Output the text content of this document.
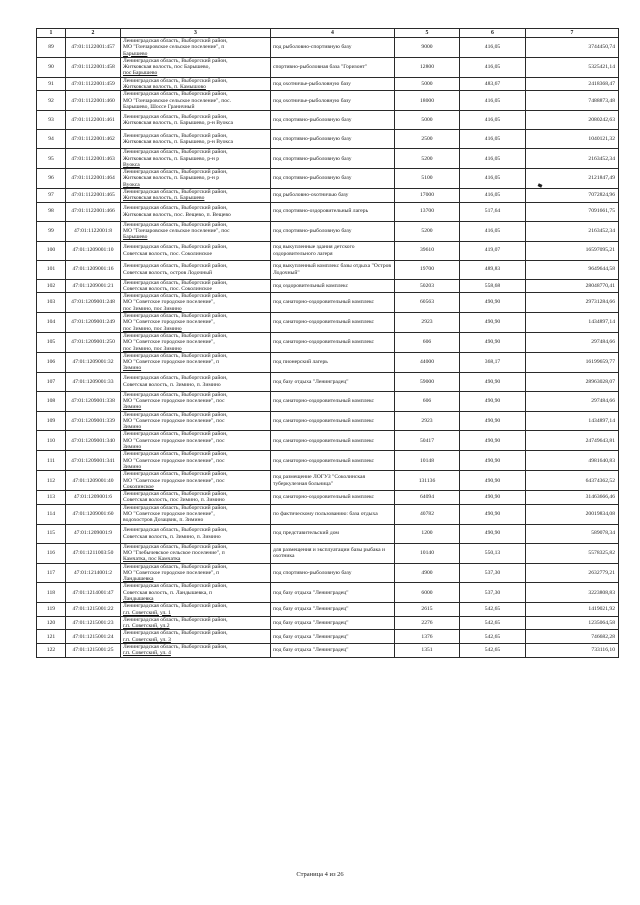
1	2	3	4	5	6	7
89	47:01:1122001:457	Ленинградская область, Выборгский район,
МО "Гончаровское сельское поселение", п
Барышево	под рыболовно-спортивную базу	9000	416,05	3744450,74
90	47:01:1122001:458	Ленинградская область, Выборгский район,
Житковская волость, пос Барышево,
пос Барышево	спортивно-рыболовная база "Горизонт"	12800	416,05	5325421,14
91	47:01:1122001:459	Ленинградская область, Выборгский район,
Житковская волость, п. Камышово	под охотничье-рыболовную базу	5000	483,67	2418368,47
92	47:01:1122001:460	Ленинградская область, Выборгский район,
МО "Гончаровское сельское поселение", пос.
Барышево, Шоссе Граничный	под охотничье-рыболовную базу	18000	416,05	7488873,48
93	47:01:1122001:461	Ленинградская область, Выборгский район,
Житковская волость, п. Барышево, р-н Вуокса	под спортивно-рыболовную базу	5000	416,05	2080242,63
94	47:01:1122001:462	Ленинградская область, Выборгский район,
Житковская волость, п. Барышево, р-н Вуокса	под спортивно-рыболовную базу	2500	416,05	1040121,32
95	47:01:1122001:463	Ленинградская область, Выборгский район,
Житковская волость, п. Барышево, р-н р
Вуокса	под спортивно-рыболовную базу	5200	416,05	2163452,34
96	47:01:1122001:464	Ленинградская область, Выборгский район,
Житковская волость, п. Барышево, р-н р
Вуокса	под спортивно-рыболовную базу	5100	416,05	2121847,49
97	47:01:1122001:465	Ленинградская область, Выборгский район,
Житковская волость, п. Барышево	под рыболовно-охотничью базу	17000	416,05	7072824,96
98	47:01:1122001:466	Ленинградская область, Выборгский район,
Житковская волость, пос. Вещево, п. Вещево	под спортивно-оздоровительный лагерь	13700	517,64	7091661,75
99	47:01:1122001:8	Ленинградская область, Выборгский район,
МО "Гончаровское сельское поселение", пос
Барышево	под спортивно-рыболовную базу	5200	416,05	2163452,34
100	47:01:1209001:10	Ленинградская область, Выборгский район,
Советская волость, пос. Соколинское	под выкупленные здания детского оздоровительного лагеря	39610	419,07	16597095,21
101	47:01:1209001:16	Ленинградская область, Выборгский район,
Советская волость, остров Лодочный	под выкупленный комплекс базы отдыха "Остров Лодочный"	19700	489,83	9649644,58
102	47:01:1209001:21	Ленинградская область, Выборгский район,
Советская волость, пос. Соколинское	под оздоровительный комплекс	50203	558,68	28048770,41
103	47:01:1209001:248	Ленинградская область, Выборгский район,
МО "Советское городское поселение",
пос Зимино, пос Зимино	под санаторно-оздоровительный комплекс	60563	490,90	29731284,66
104	47:01:1209001:249	Ленинградская область, Выборгский район,
МО "Советское городское поселение",
пос Зимино, пос Зимино	под санаторно-оздоровительный комплекс	2923	490,90	1434897,14
105	47:01:1209001:250	Ленинградская область, Выборгский район,
МО "Советское городское поселение",
пос Зимино, пос Зимино	под санаторно-оздоровительный комплекс	606	490,90	297484,66
106	47:01:1209001:32	Ленинградская область, Выборгский район,
МО "Советское городское поселение", п
Зимино	под пионерский лагерь	44000	368,17	16199659,77
107	47:01:1209001:33	Ленинградская область, Выборгский район,
Советская волость, п. Зимино, п. Зимино	под базу отдыха "Ленинградец"	59000	490,90	28963028,07
108	47:01:1209001:338	Ленинградская область, Выборгский район,
МО "Советское городское поселение", пос
Зимино	под санаторно-оздоровительный комплекс	606	490,90	297484,66
109	47:01:1209001:339	Ленинградская область, Выборгский район,
МО "Советское городское поселение", пос
Зимино	под санаторно-оздоровительный комплекс	2923	490,90	1434897,14
110	47:01:1209001:340	Ленинградская область, Выборгский район,
МО "Советское городское поселение", пос
Зимино	под санаторно-оздоровительный комплекс	50417	490,90	24749643,81
111	47:01:1209001:341	Ленинградская область, Выборгский район,
МО "Советское городское поселение", пос
Зимино	под санаторно-оздоровительный комплекс	10148	490,90	4981640,83
112	47:01:1209001:40	Ленинградская область, Выборгский район,
МО "Советское городское поселение", пос
Соколинское	под размещение ЛОГУЗ "Соколинская туберкулезная больница"	131136	490,90	64374362,52
113	47:01:1209001:6	Ленинградская область, Выборгский район,
Советская волость, пос Зимино, п. Зимино	под санаторно-оздоровительный комплекс	64094	490,90	31463666,46
114	47:01:1209001:60	Ленинградская область, Выборгский район,
МО "Советское городское поселение",
водохостров Дозацвик, п. Зимино	по фактическому пользованию: база отдыха	40782	490,90	20019834,08
115	47:01:1209001:9	Ленинградская область, Выборгский район,
Советская волость, п. Зимино, п. Зимино	под представительский дом	1200	490,90	589078,34
116	47:01:1211003:50	Ленинградская область, Выборгский район,
МО "Глебычевское сельское поселение", п
Камчатка, пос Камчатка	для размещения и эксплуатации базы рыбака и охотника	10140	550,13	5578325,82
117	47:01:1214001:2	Ленинградская область, Выборгский район,
МО "Советское городское поселение", п
Ландышевка	под спортивно-рыболовную базу	4900	537,30	2632779,21
118	47:01:1214001:47	Ленинградская область, Выборгский район,
Советская волость, п. Ландышевка, п
Ландышевка	под базу отдыха "Ленинградец"	6000	537,30	3223808,83
119	47:01:1215001:22	Ленинградская область, Выборгский район,
г.п. Советский, ул. 1	под базу отдыха "Ленинградец"	2615	542,65	1419021,92
120	47:01:1215001:23	Ленинградская область, Выборгский район,
г.п. Советский, ул.2	под базу отдыха "Ленинградец"	2276	542,65	1235064,58
121	47:01:1215001:24	Ленинградская область, Выборгский район,
г.п. Советский, ул. 3	под базу отдыха "Ленинградец"	1376	542,65	746682,28
122	47:01:1215001:25	Ленинградская область, Выборгский район,
г.п. Советский, ул. 4	под базу отдыха "Ленинградец"	1351	542,65	733116,10
Страница 4 из 26
